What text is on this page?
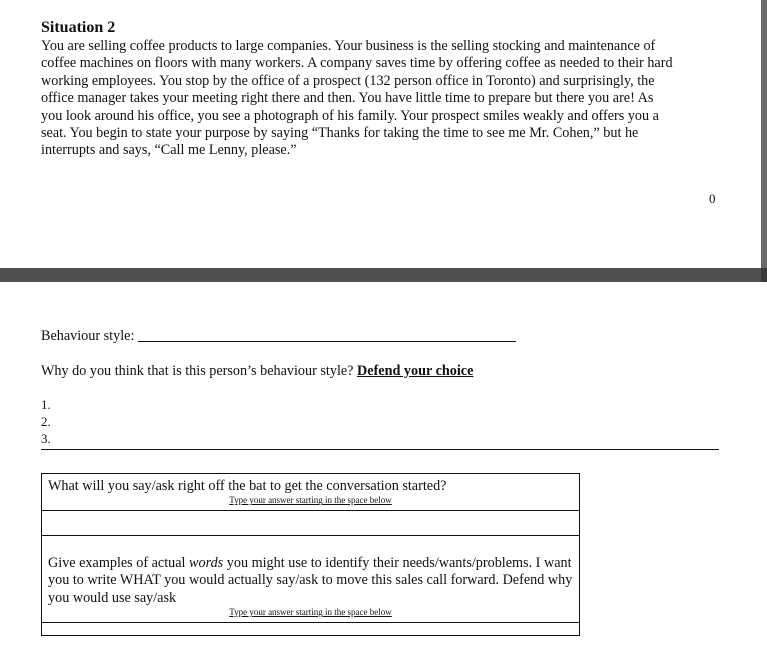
Situation 2
You are selling coffee products to large companies. Your business is the selling stocking and maintenance of
coffee machines on floors with many workers. A company saves time by offering coffee as needed to their hard
working employees. You stop by the office of a prospect (132 person office in Toronto) and surprisingly, the
office manager takes your meeting right there and then. You have little time to prepare but there you are! As
you look around his office, you see a photograph of his family. Your prospect smiles weakly and offers you a
seat. You begin to state your purpose by saying “Thanks for taking the time to see me Mr. Cohen,” but he
interrupts and says, “Call me Lenny, please.”
0
Behaviour style:
Why do you think that is this person’s behaviour style? Defend your choice
1.
2.
3.
What will you say/ask right off the bat to get the conversation started?
Type your answer starting in the space below
Give examples of actual words you might use to identify their needs/wants/problems. I want you to write WHAT you would actually say/ask to move this sales call forward. Defend why you would use say/ask
Type your answer starting in the space below
